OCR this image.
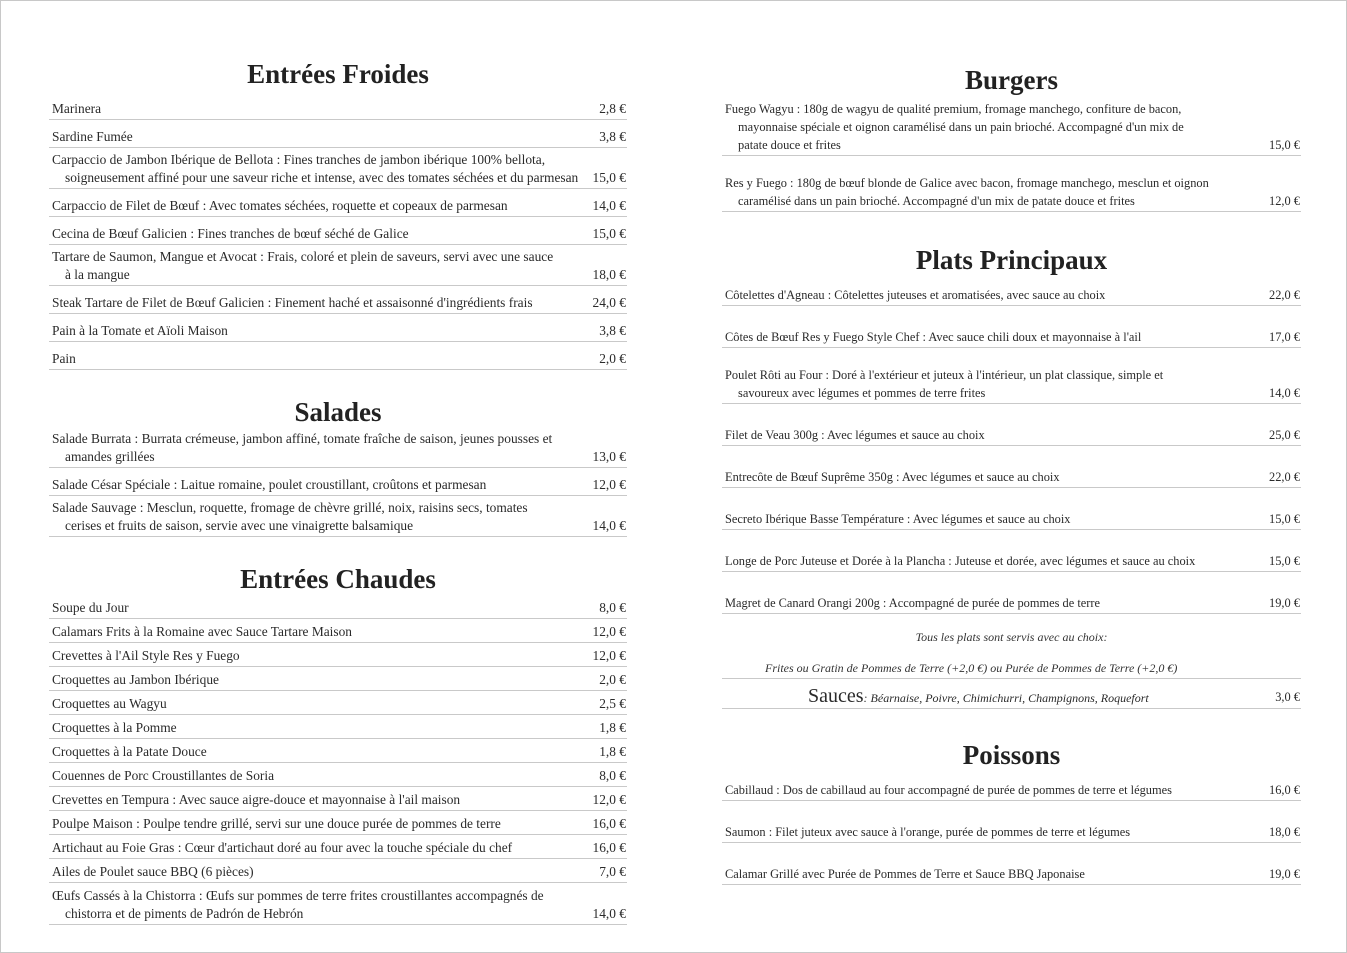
Entrées Froides
Marinera	2,8 €
Sardine Fumée	3,8 €
Carpaccio de Jambon Ibérique de Bellota : Fines tranches de jambon ibérique 100% bellota,
soigneusement affiné pour une saveur riche et intense, avec des tomates séchées et du parmesan	15,0 €
Carpaccio de Filet de Bœuf : Avec tomates séchées, roquette et copeaux de parmesan	14,0 €
Cecina de Bœuf Galicien : Fines tranches de bœuf séché de Galice	15,0 €
Tartare de Saumon, Mangue et Avocat : Frais, coloré et plein de saveurs, servi avec une sauce
à la mangue	18,0 €
Steak Tartare de Filet de Bœuf Galicien : Finement haché et assaisonné d'ingrédients frais	24,0 €
Pain à la Tomate et Aïoli Maison	3,8 €
Pain	2,0 €
Salades
Salade Burrata : Burrata crémeuse, jambon affiné, tomate fraîche de saison, jeunes pousses et
amandes grillées	13,0 €
Salade César Spéciale : Laitue romaine, poulet croustillant, croûtons et parmesan	12,0 €
Salade Sauvage : Mesclun, roquette, fromage de chèvre grillé, noix, raisins secs, tomates
cerises et fruits de saison, servie avec une vinaigrette balsamique	14,0 €
Entrées Chaudes
Soupe du Jour	8,0 €
Calamars Frits à la Romaine avec Sauce Tartare Maison	12,0 €
Crevettes à l'Ail Style Res y Fuego	12,0 €
Croquettes au Jambon Ibérique	2,0 €
Croquettes au Wagyu	2,5 €
Croquettes à la Pomme	1,8 €
Croquettes à la Patate Douce	1,8 €
Couennes de Porc Croustillantes de Soria	8,0 €
Crevettes en Tempura : Avec sauce aigre-douce et mayonnaise à l'ail maison	12,0 €
Poulpe Maison : Poulpe tendre grillé, servi sur une douce purée de pommes de terre	16,0 €
Artichaut au Foie Gras : Cœur d'artichaut doré au four avec la touche spéciale du chef	16,0 €
Ailes de Poulet sauce BBQ (6 pièces)	7,0 €
Œufs Cassés à la Chistorra : Œufs sur pommes de terre frites croustillantes accompagnés de
chistorra et de piments de Padrón de Hebrón	14,0 €
Burgers
Fuego Wagyu : 180g de wagyu de qualité premium, fromage manchego, confiture de bacon,
mayonnaise spéciale et oignon caramélisé dans un pain brioché. Accompagné d'un mix de
patate douce et frites	15,0 €
Res y Fuego : 180g de bœuf blonde de Galice avec bacon, fromage manchego, mesclun et oignon
caramélisé dans un pain brioché. Accompagné d'un mix de patate douce et frites	12,0 €
Plats Principaux
Côtelettes d'Agneau : Côtelettes juteuses et aromatisées, avec sauce au choix	22,0 €
Côtes de Bœuf Res y Fuego Style Chef : Avec sauce chili doux et mayonnaise à l'ail	17,0 €
Poulet Rôti au Four : Doré à l'extérieur et juteux à l'intérieur, un plat classique, simple et
savoureux avec légumes et pommes de terre frites	14,0 €
Filet de Veau 300g : Avec légumes et sauce au choix	25,0 €
Entrecôte de Bœuf Suprême 350g : Avec légumes et sauce au choix	22,0 €
Secreto Ibérique Basse Température : Avec légumes et sauce au choix	15,0 €
Longe de Porc Juteuse et Dorée à la Plancha : Juteuse et dorée, avec légumes et sauce au choix	15,0 €
Magret de Canard Orangi 200g : Accompagné de purée de pommes de terre	19,0 €
Tous les plats sont servis avec au choix:
Frites ou Gratin de Pommes de Terre (+2,0 €) ou Purée de Pommes de Terre (+2,0 €)
Sauces: Béarnaise, Poivre, Chimichurri, Champignons, Roquefort	3,0 €
Poissons
Cabillaud : Dos de cabillaud au four accompagné de purée de pommes de terre et légumes	16,0 €
Saumon : Filet juteux avec sauce à l'orange, purée de pommes de terre et légumes	18,0 €
Calamar Grillé avec Purée de Pommes de Terre et Sauce BBQ Japonaise	19,0 €
